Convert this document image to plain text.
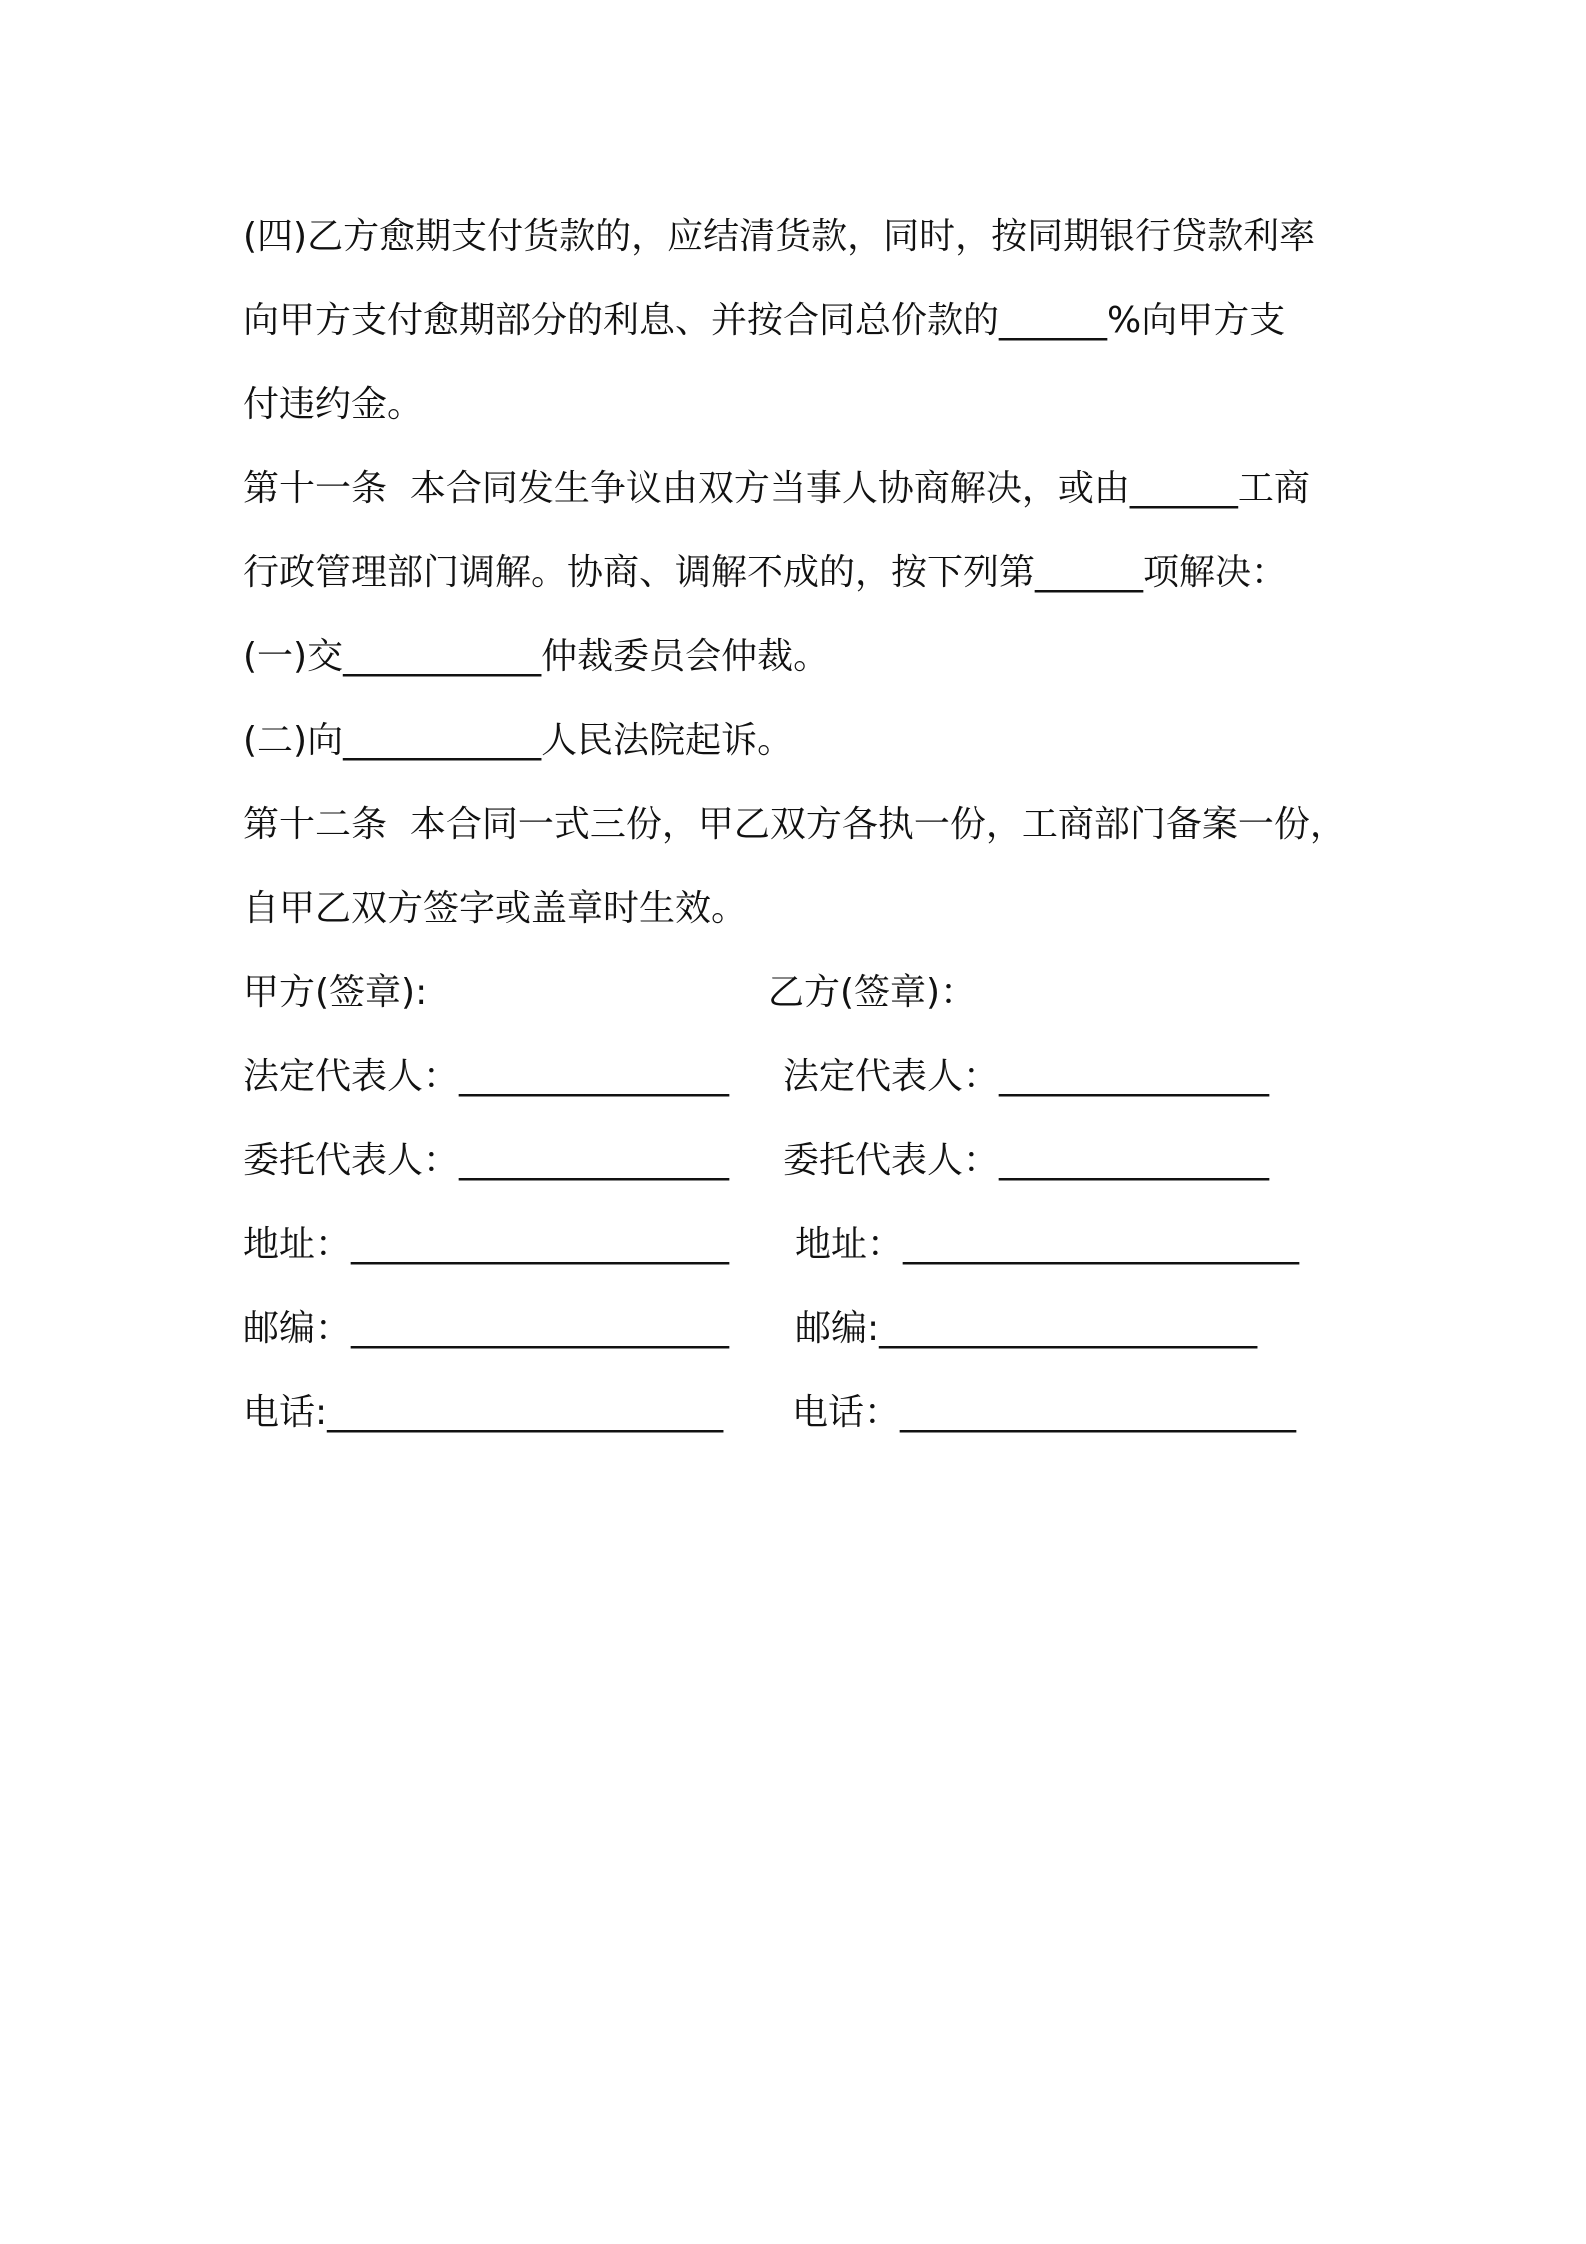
(四)乙方愈期支付货款的，应结清货款，同时，按同期银行贷款利率
向甲方支付愈期部分的利息、并按合同总价款的______%向甲方支
付违约金。
第十一条  本合同发生争议由双方当事人协商解决，或由______工商
行政管理部门调解。协商、调解不成的，按下列第______项解决：
(一)交___________仲裁委员会仲裁。
(二)向___________人民法院起诉。
第十二条  本合同一式三份，甲乙双方各执一份，工商部门备案一份，
自甲乙双方签字或盖章时生效。

甲方(签章):

	乙方(签章)：

法定代表人：_______________

法定代表人：_______________

委托代表人：_______________

委托代表人：_______________

地址：_____________________

地址：______________________

邮编：_____________________

邮编:_____________________

电话:______________________

电话：______________________
